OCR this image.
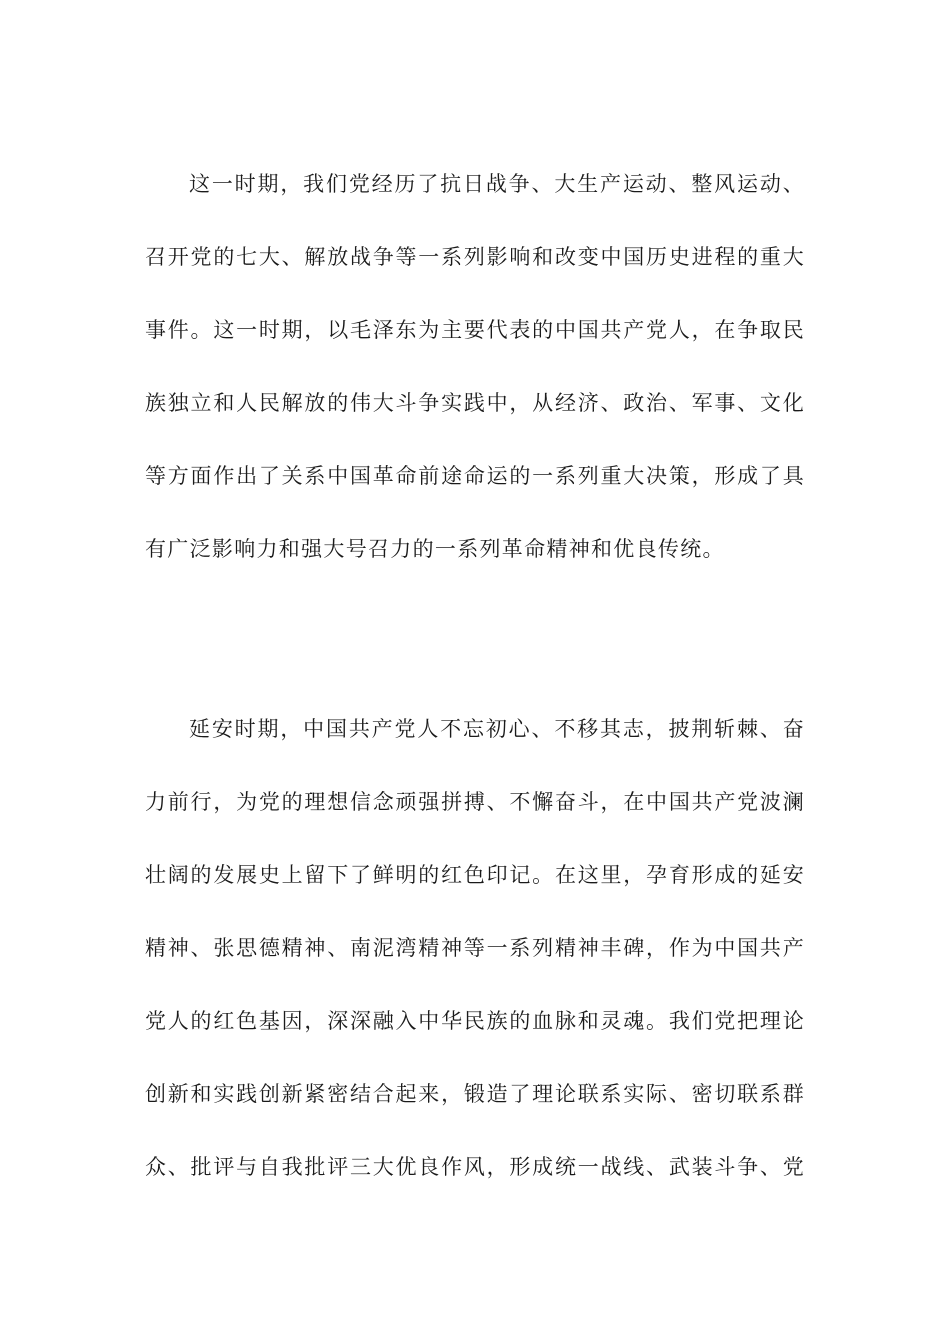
这一时期，我们党经历了抗日战争、大生产运动、整风运动、
召开党的七大、解放战争等一系列影响和改变中国历史进程的重大
事件。这一时期，以毛泽东为主要代表的中国共产党人，在争取民
族独立和人民解放的伟大斗争实践中，从经济、政治、军事、文化
等方面作出了关系中国革命前途命运的一系列重大决策，形成了具
有广泛影响力和强大号召力的一系列革命精神和优良传统。
延安时期，中国共产党人不忘初心、不移其志，披荆斩棘、奋
力前行，为党的理想信念顽强拼搏、不懈奋斗，在中国共产党波澜
壮阔的发展史上留下了鲜明的红色印记。在这里，孕育形成的延安
精神、张思德精神、南泥湾精神等一系列精神丰碑，作为中国共产
党人的红色基因，深深融入中华民族的血脉和灵魂。我们党把理论
创新和实践创新紧密结合起来，锻造了理论联系实际、密切联系群
众、批评与自我批评三大优良作风，形成统一战线、武装斗争、党
